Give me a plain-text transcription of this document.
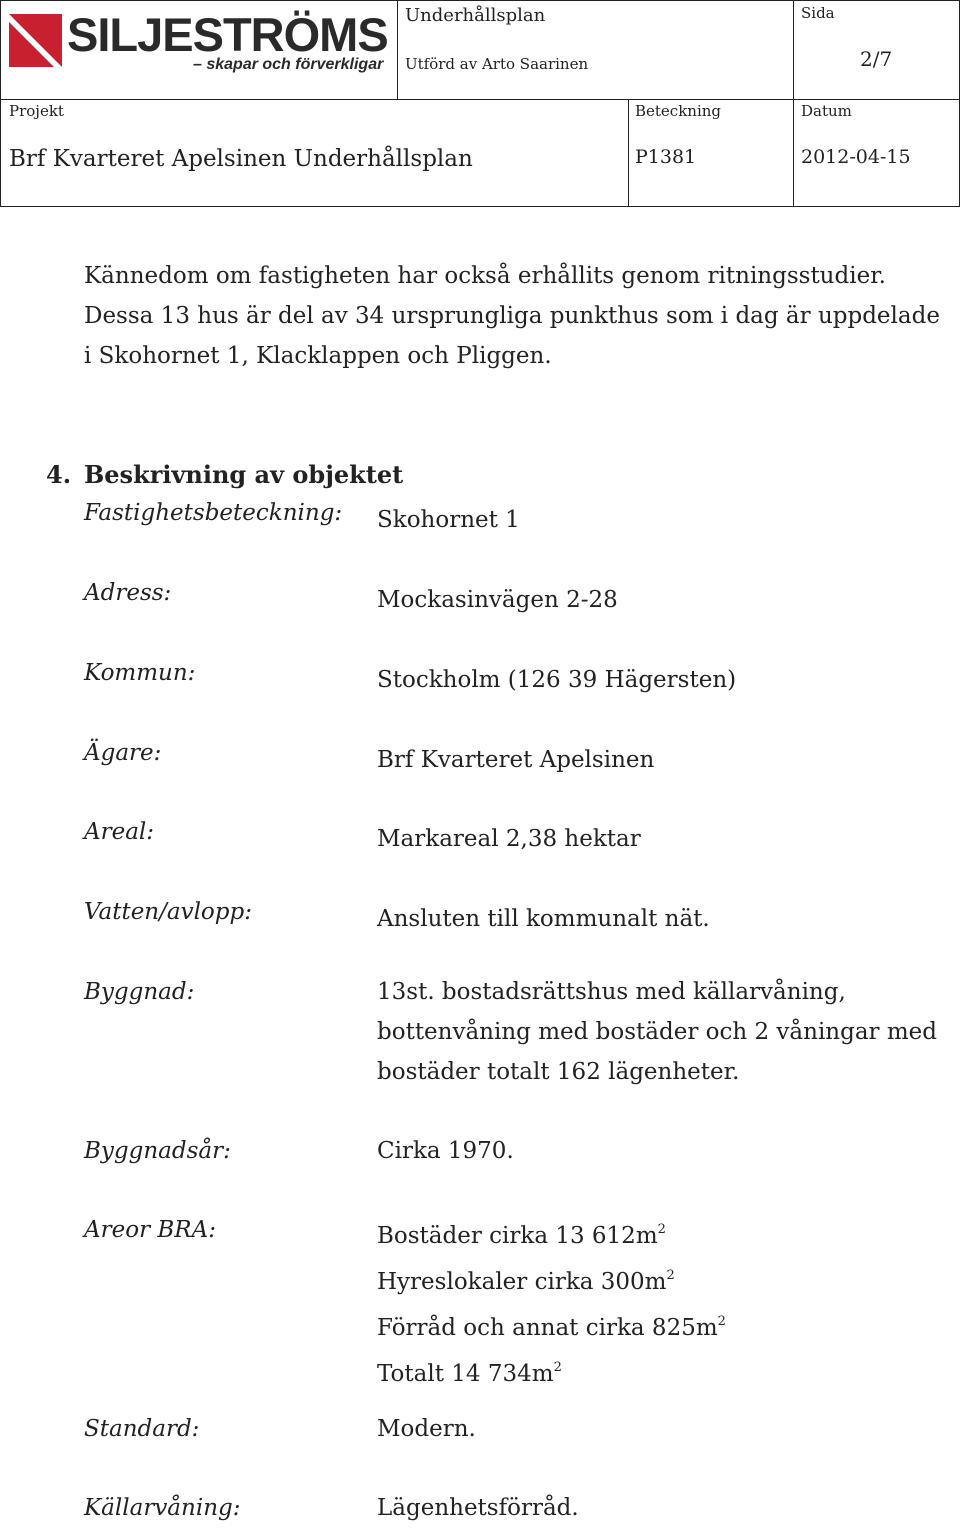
SILJESTRÖMS
– skapar och förverkligar
Underhållsplan
Utförd av Arto Saarinen
Sida
2/7
Projekt
Brf Kvarteret Apelsinen Underhållsplan
Beteckning
P1381
Datum
2012-04-15

Kännedom om fastigheten har också erhållits genom ritningsstudier.

Dessa 13 hus är del av 34 ursprungliga punkthus som i dag är uppdelade

i Skohornet 1, Klacklappen och Pliggen.

4. Beskrivning av objektet
Fastighetsbeteckning: Skohornet 1
Adress:	Mockasinvägen 2-28
Kommun:	Stockholm (126 39 Hägersten)
Ägare:	Brf Kvarteret Apelsinen
Areal:	Markareal 2,38 hektar
Vatten/avlopp:	Ansluten till kommunalt nät.
Byggnad:	13st. bostadsrättshus med källarvåning,
bottenvåning med bostäder och 2 våningar med
bostäder totalt 162 lägenheter.
Byggnadsår:	Cirka 1970.
Areor BRA:	Bostäder cirka 13 $612m^2$
Hyreslokaler cirka $300m^2$
Förråd och annat cirka $825m^2$
Totalt 14 $734m^2$
Standard:	Modern.
Källarvåning:	Lägenhetsförråd.
